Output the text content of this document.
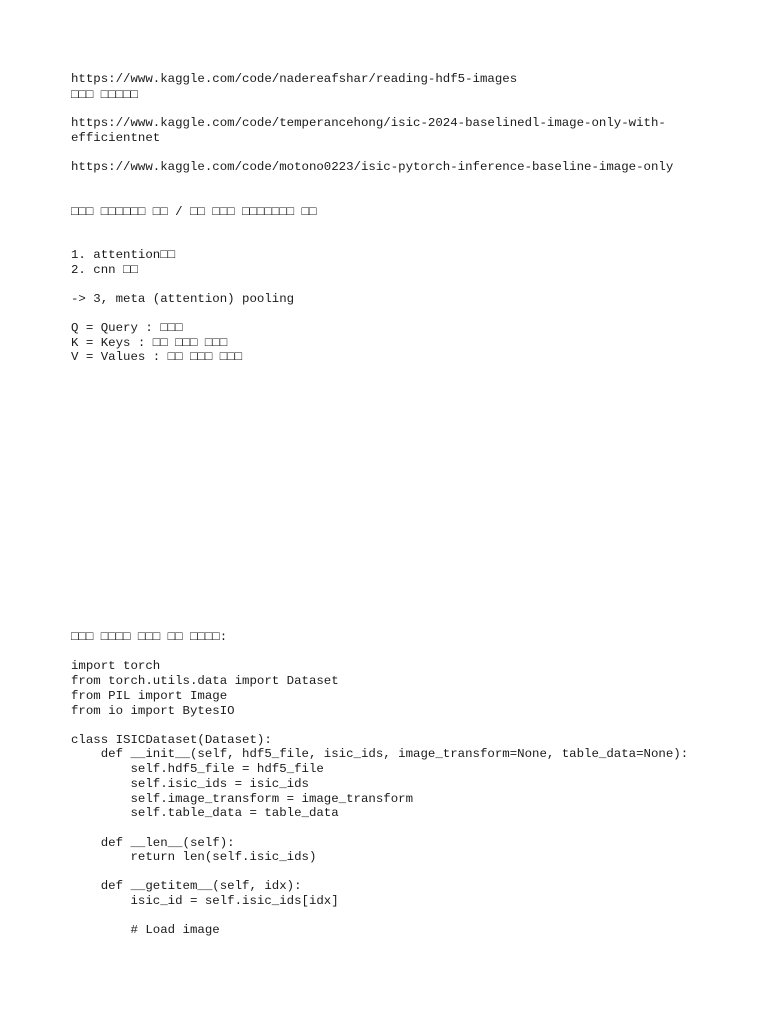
https://www.kaggle.com/code/nadereafshar/reading-hdf5-images
□□□ □□□□□
https://www.kaggle.com/code/temperancehong/isic-2024-baselinedl-image-only-with-
efficientnet
https://www.kaggle.com/code/motono0223/isic-pytorch-inference-baseline-image-only
□□□ □□□□□□ □□ / □□ □□□ □□□□□□□ □□
1. attention□□
2. cnn □□
-> 3, meta (attention) pooling
Q = Query : □□□
K = Keys : □□ □□□ □□□
V = Values : □□ □□□ □□□
□□□ □□□□ □□□ □□ □□□□:
import torch
from torch.utils.data import Dataset
from PIL import Image
from io import BytesIO
class ISICDataset(Dataset):
def __init__(self, hdf5_file, isic_ids, image_transform=None, table_data=None):
self.hdf5_file = hdf5_file
self.isic_ids = isic_ids
self.image_transform = image_transform
self.table_data = table_data
def __len__(self):
return len(self.isic_ids)
def __getitem__(self, idx):
isic_id = self.isic_ids[idx]
# Load image
